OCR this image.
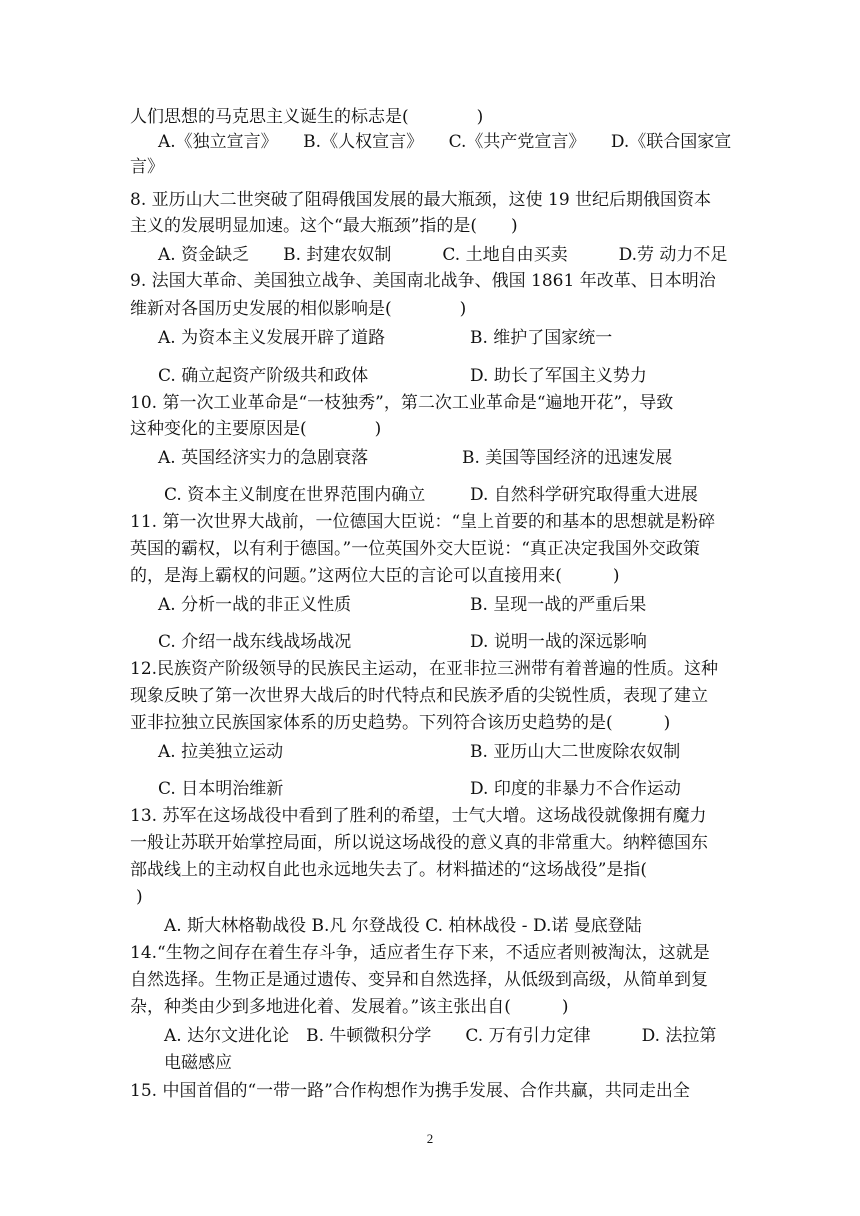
人们思想的马克思主义诞生的标志是(　　　　)
A.《独立宣言》　　B.《人权宣言》　　C.《共产党宣言》　　D.《联合国家宣
言》
8. 亚历山大二世突破了阻碍俄国发展的最大瓶颈，这使 19 世纪后期俄国资本
主义的发展明显加速。这个“最大瓶颈”指的是(　　)
A. 资金缺乏　　B. 封建农奴制　　　C. 土地自由买卖　　　D.劳 动力不足
9. 法国大革命、美国独立战争、美国南北战争、俄国 1861 年改革、日本明治
维新对各国历史发展的相似影响是(　　　　)
A. 为资本主义发展开辟了道路	B. 维护了国家统一
C. 确立起资产阶级共和政体	D. 助长了军国主义势力
10. 第一次工业革命是“一枝独秀”，第二次工业革命是“遍地开花”，导致
这种变化的主要原因是(　　　　)
A. 英国经济实力的急剧衰落	B. 美国等国经济的迅速发展
C. 资本主义制度在世界范围内确立	D. 自然科学研究取得重大进展
11. 第一次世界大战前，一位德国大臣说：“皇上首要的和基本的思想就是粉碎
英国的霸权，以有利于德国。”一位英国外交大臣说：“真正决定我国外交政策
的，是海上霸权的问题。”这两位大臣的言论可以直接用来(　　　)
A. 分析一战的非正义性质	B. 呈现一战的严重后果
C. 介绍一战东线战场战况	D. 说明一战的深远影响
12.民族资产阶级领导的民族民主运动，在亚非拉三洲带有着普遍的性质。这种
现象反映了第一次世界大战后的时代特点和民族矛盾的尖锐性质，表现了建立
亚非拉独立民族国家体系的历史趋势。下列符合该历史趋势的是(　　　)
A. 拉美独立运动	B. 亚历山大二世废除农奴制
C. 日本明治维新	D. 印度的非暴力不合作运动
13. 苏军在这场战役中看到了胜利的希望，士气大增。这场战役就像拥有魔力
一般让苏联开始掌控局面，所以说这场战役的意义真的非常重大。纳粹德国东
部战线上的主动权自此也永远地失去了。材料描述的“这场战役”是指(
)
A. 斯大林格勒战役 B.凡 尔登战役 C. 柏林战役 - D.诺 曼底登陆
14.“生物之间存在着生存斗争，适应者生存下来，不适应者则被淘汰，这就是
自然选择。生物正是通过遗传、变异和自然选择，从低级到高级，从简单到复
杂，种类由少到多地进化着、发展着。”该主张出自(　　　)
A. 达尔文进化论　B. 牛顿微积分学　　C. 万有引力定律　　　D. 法拉第
电磁感应
15. 中国首倡的“一带一路”合作构想作为携手发展、合作共赢，共同走出全
2
